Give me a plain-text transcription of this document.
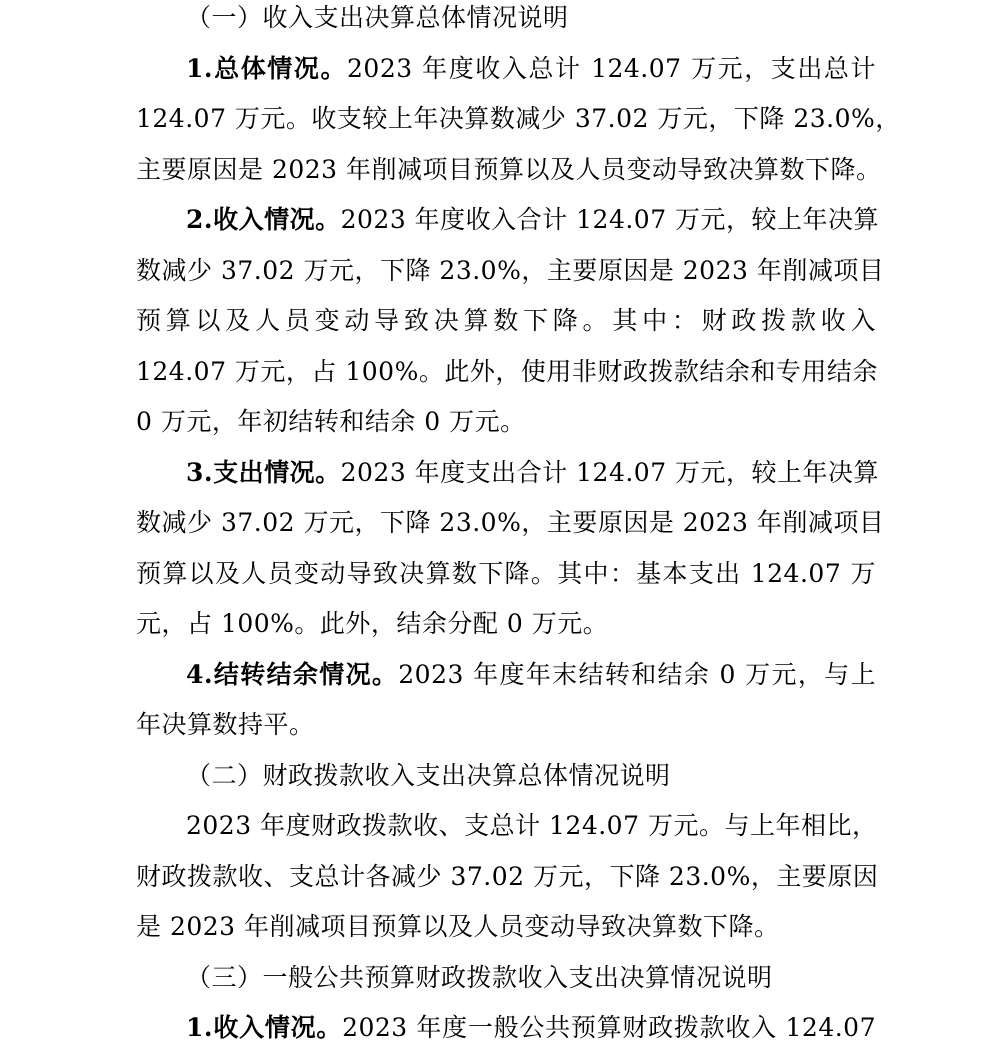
（一）收入支出决算总体情况说明
1.总体情况。2023 年度收入总计 124.07 万元，支出总计
124.07 万元。收支较上年决算数减少 37.02 万元，下降 23.0%，
主要原因是 2023 年削减项目预算以及人员变动导致决算数下降。
2.收入情况。2023 年度收入合计 124.07 万元，较上年决算
数减少 37.02 万元，下降 23.0%，主要原因是 2023 年削减项目
预算以及人员变动导致决算数下降。其中：财政拨款收入
124.07 万元，占 100%。此外，使用非财政拨款结余和专用结余
0 万元，年初结转和结余 0 万元。
3.支出情况。2023 年度支出合计 124.07 万元，较上年决算
数减少 37.02 万元，下降 23.0%，主要原因是 2023 年削减项目
预算以及人员变动导致决算数下降。其中：基本支出 124.07 万
元，占 100%。此外，结余分配 0 万元。
4.结转结余情况。2023 年度年末结转和结余 0 万元，与上
年决算数持平。
（二）财政拨款收入支出决算总体情况说明
2023 年度财政拨款收、支总计 124.07 万元。与上年相比，
财政拨款收、支总计各减少 37.02 万元，下降 23.0%，主要原因
是 2023 年削减项目预算以及人员变动导致决算数下降。
（三）一般公共预算财政拨款收入支出决算情况说明
1.收入情况。2023 年度一般公共预算财政拨款收入 124.07
